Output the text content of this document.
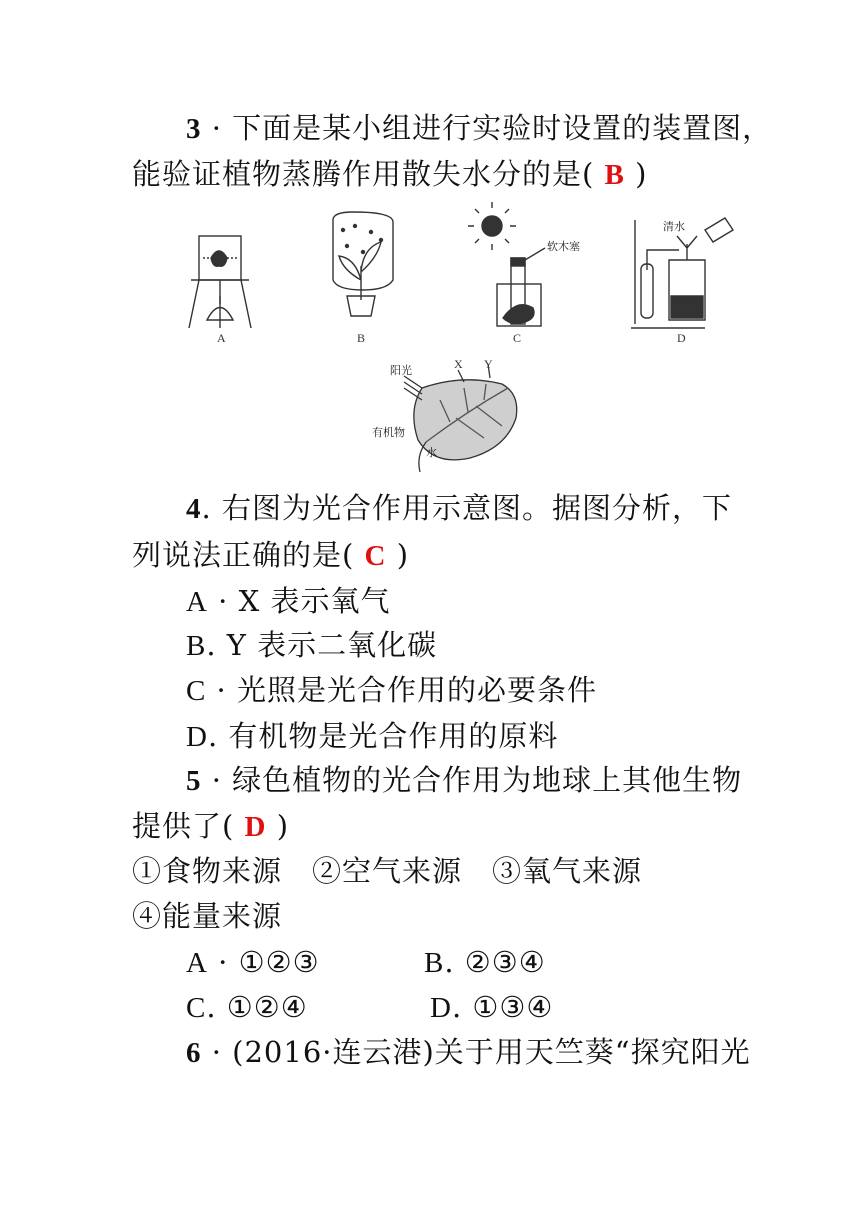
3 · 下面是某小组进行实验时设置的装置图，
能验证植物蒸腾作用散失水分的是( B )
A	B
软木塞
C
清水
D
阳光	X Y
有机物
水
4. 右图为光合作用示意图。据图分析，下
列说法正确的是( C )
A · X 表示氧气
B. Y 表示二氧化碳
C · 光照是光合作用的必要条件
D. 有机物是光合作用的原料
5 · 绿色植物的光合作用为地球上其他生物
提供了( D )
①食物来源　②空气来源　③氧气来源
④能量来源
A · ①②③	B. ②③④
C. ①②④	D. ①③④
6 · (2016·连云港)关于用天竺葵“探究阳光
